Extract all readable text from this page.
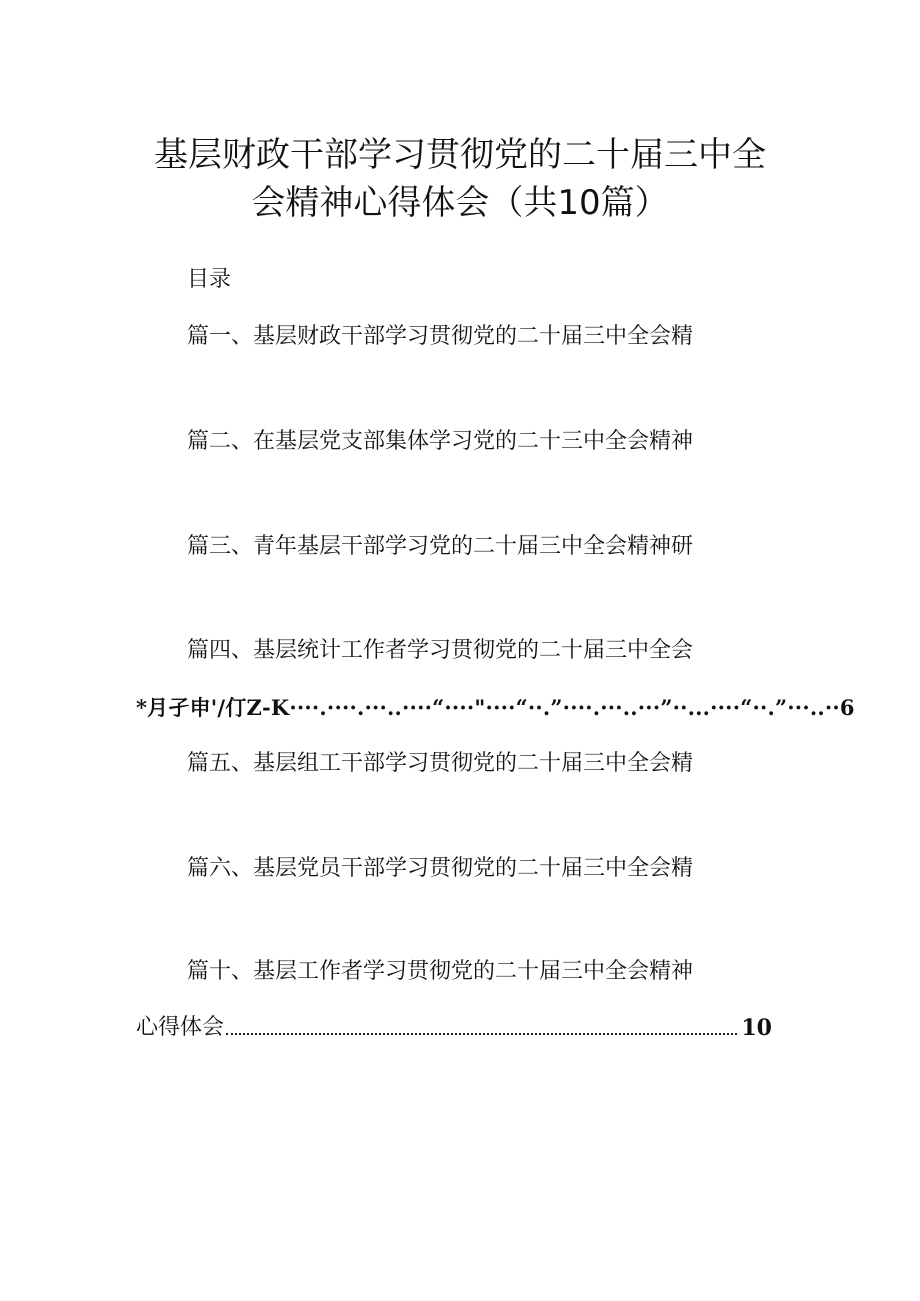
基层财政干部学习贯彻党的二十届三中全
会精神心得体会（共10篇）
目录
篇一、基层财政干部学习贯彻党的二十届三中全会精
篇二、在基层党支部集体学习党的二十三中全会精神
篇三、青年基层干部学习党的二十届三中全会精神研
篇四、基层统计工作者学习贯彻党的二十届三中全会
*月孑申'/仃Z-K····.····.···..····“····"····“··.”····.···..···”··...····“··.”···..··6
篇五、基层组工干部学习贯彻党的二十届三中全会精
篇六、基层党员干部学习贯彻党的二十届三中全会精
篇十、基层工作者学习贯彻党的二十届三中全会精神
心得体会	10
